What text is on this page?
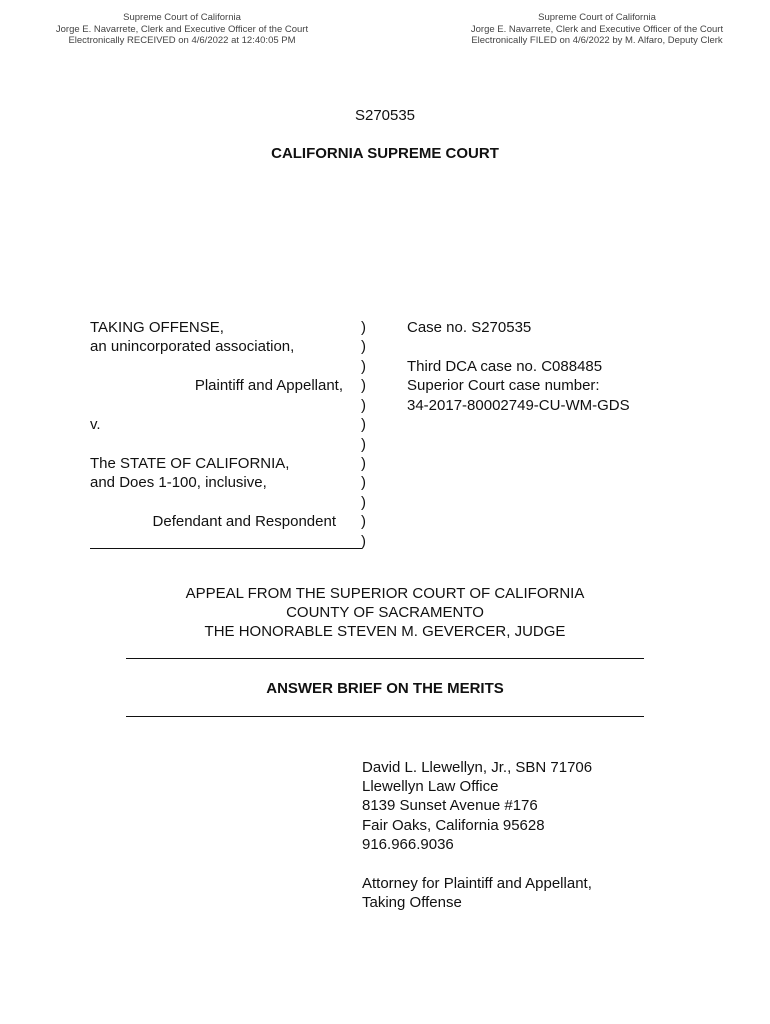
Supreme Court of California
Jorge E. Navarrete, Clerk and Executive Officer of the Court
Electronically RECEIVED on 4/6/2022 at 12:40:05 PM
Supreme Court of California
Jorge E. Navarrete, Clerk and Executive Officer of the Court
Electronically FILED on 4/6/2022 by M. Alfaro, Deputy Clerk
S270535
CALIFORNIA SUPREME COURT
TAKING OFFENSE,
an unincorporated association,
Plaintiff and Appellant,
v.
The STATE OF CALIFORNIA,
and Does 1-100, inclusive,
Defendant and Respondent
)
)
)
)
)
)
)
)
)
)
)
)
Case no. S270535
Third DCA case no. C088485
Superior Court case number:
34-2017-80002749-CU-WM-GDS
APPEAL FROM THE SUPERIOR COURT OF CALIFORNIA
COUNTY OF SACRAMENTO
THE HONORABLE STEVEN M. GEVERCER, JUDGE
ANSWER BRIEF ON THE MERITS
David L. Llewellyn, Jr., SBN 71706
Llewellyn Law Office
8139 Sunset Avenue #176
Fair Oaks, California 95628
916.966.9036
Attorney for Plaintiff and Appellant,
Taking Offense
